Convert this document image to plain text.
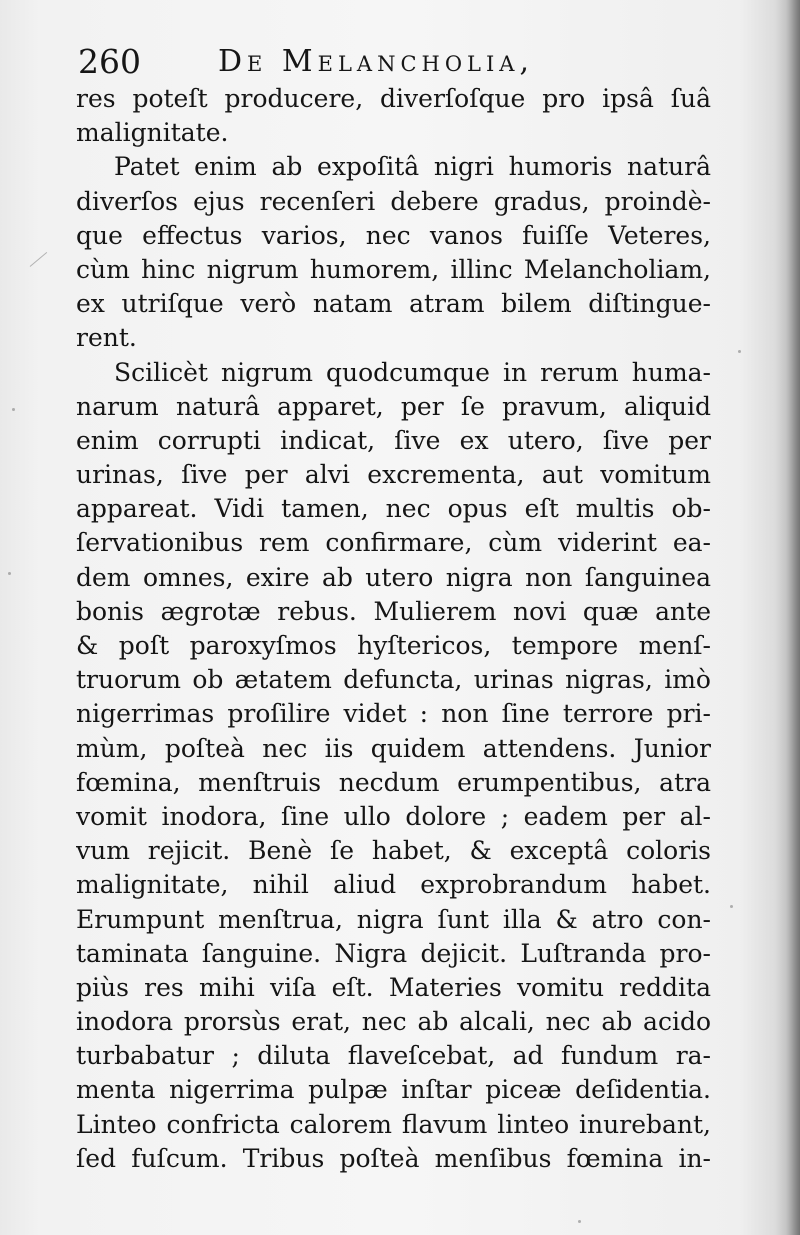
260	De Melancholia,
res poteſt producere, diverſoſque pro ipsâ ſuâ
malignitate.
Patet enim ab expoſitâ nigri humoris naturâ
diverſos ejus recenſeri debere gradus, proindè-
que effectus varios, nec vanos fuiſſe Veteres,
cùm hinc nigrum humorem, illinc Melancholiam,
ex utriſque verò natam atram bilem diſtingue-
rent.
Scilicèt nigrum quodcumque in rerum huma-
narum naturâ apparet, per ſe pravum, aliquid
enim corrupti indicat, ſive ex utero, ſive per
urinas, ſive per alvi excrementa, aut vomitum
appareat. Vidi tamen, nec opus eſt multis ob-
ſervationibus rem confirmare, cùm viderint ea-
dem omnes, exire ab utero nigra non ſanguinea
bonis ægrotæ rebus. Mulierem novi quæ ante
& poſt paroxyſmos hyſtericos, tempore menſ-
truorum ob ætatem defuncta, urinas nigras, imò
nigerrimas proſilire videt : non ſine terrore pri-
mùm, poſteà nec iis quidem attendens. Junior
fœmina, menſtruis necdum erumpentibus, atra
vomit inodora, ſine ullo dolore ; eadem per al-
vum rejicit. Benè ſe habet, & exceptâ coloris
malignitate, nihil aliud exprobrandum habet.
Erumpunt menſtrua, nigra ſunt illa & atro con-
taminata ſanguine. Nigra dejicit. Luſtranda pro-
piùs res mihi viſa eſt. Materies vomitu reddita
inodora prorsùs erat, nec ab alcali, nec ab acido
turbabatur ; diluta flaveſcebat, ad fundum ra-
menta nigerrima pulpæ inſtar piceæ deſidentia.
Linteo confricta calorem flavum linteo inurebant,
ſed fuſcum. Tribus poſteà menſibus fœmina in-
